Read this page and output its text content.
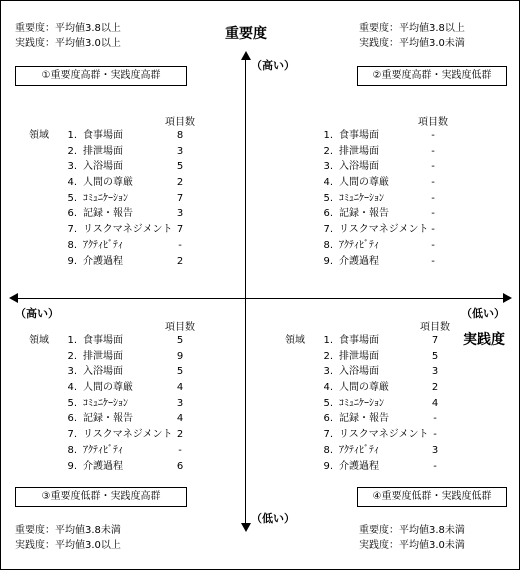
重要度
実践度
（高い）
（低い）
（高い）	（低い）
重要度：平均値3.8以上
実践度：平均値3.0以上
重要度：平均値3.8以上
実践度：平均値3.0未満
重要度：平均値3.8未満
実践度：平均値3.0以上
重要度：平均値3.8未満
実践度：平均値3.0未満
①重要度高群・実践度高群	②重要度高群・実践度低群
③重要度低群・実践度高群	④重要度低群・実践度低群
項目数
領域	1. 食事場面	8
2. 排泄場面	3
3. 入浴場面	5
4. 人間の尊厳	2
5. ｺﾐｭﾆｹｰｼｮﾝ	7
6. 記録・報告	3
7. リスクマネジメント 7
8. ｱｸﾃｨﾋﾞﾃｨ	-
9. 介護過程	2
項目数
1. 食事場面	-
2. 排泄場面	-
3. 入浴場面	-
4. 人間の尊厳	-
5. ｺﾐｭﾆｹｰｼｮﾝ	-
6. 記録・報告	-
7. リスクマネジメント -
8. ｱｸﾃｨﾋﾞﾃｨ	-
9. 介護過程	-
項目数
領域	1. 食事場面	5
2. 排泄場面	9
3. 入浴場面	5
4. 人間の尊厳	4
5. ｺﾐｭﾆｹｰｼｮﾝ	3
6. 記録・報告	4
7. リスクマネジメント 2
8. ｱｸﾃｨﾋﾞﾃｨ	-
9. 介護過程	6
項目数
領域	1. 食事場面	7
2. 排泄場面	5
3. 入浴場面	3
4. 人間の尊厳	2
5. ｺﾐｭﾆｹｰｼｮﾝ	4
6. 記録・報告	-
7. リスクマネジメント -
8. ｱｸﾃｨﾋﾞﾃｨ	3
9. 介護過程	-
